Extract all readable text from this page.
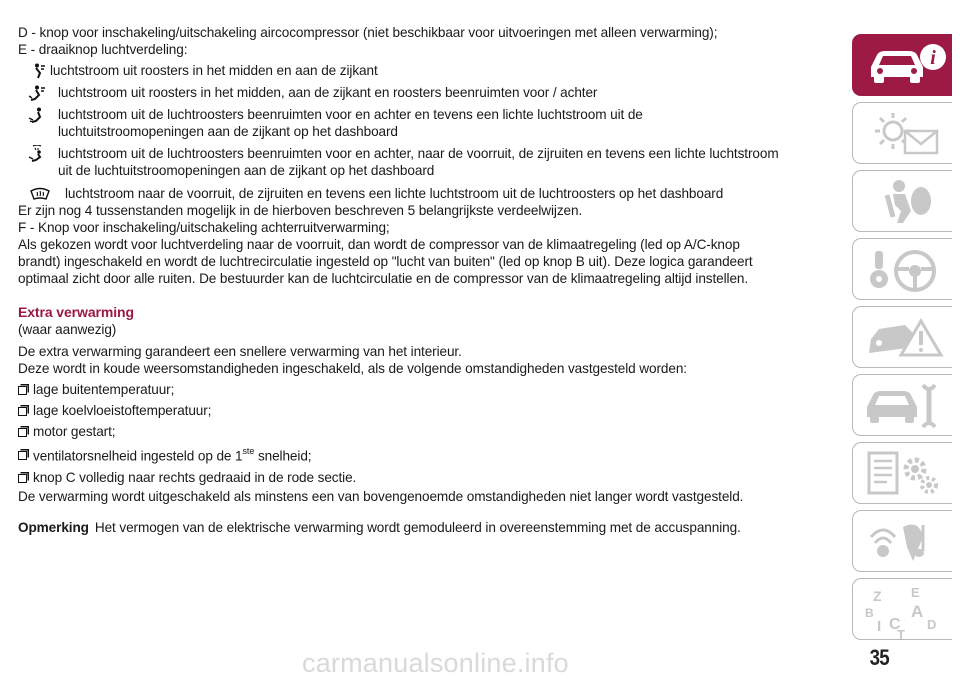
D - knop voor inschakeling/uitschakeling aircocompressor (niet beschikbaar voor uitvoeringen met alleen verwarming);
E - draaiknop luchtverdeling:
luchtstroom uit roosters in het midden en aan de zijkant
luchtstroom uit roosters in het midden, aan de zijkant en roosters beenruimten voor / achter
luchtstroom uit de luchtroosters beenruimten voor en achter en tevens een lichte luchtstroom uit de
luchtuitstroomopeningen aan de zijkant op het dashboard
luchtstroom uit de luchtroosters beenruimten voor en achter, naar de voorruit, de zijruiten en tevens een lichte luchtstroom
uit de luchtuitstroomopeningen aan de zijkant op het dashboard
luchtstroom naar de voorruit, de zijruiten en tevens een lichte luchtstroom uit de luchtroosters op het dashboard
Er zijn nog 4 tussenstanden mogelijk in de hierboven beschreven 5 belangrijkste verdeelwijzen.
F - Knop voor inschakeling/uitschakeling achterruitverwarming;
Als gekozen wordt voor luchtverdeling naar de voorruit, dan wordt de compressor van de klimaatregeling (led op A/C-knop
brandt) ingeschakeld en wordt de luchtrecirculatie ingesteld op "lucht van buiten" (led op knop B uit). Deze logica garandeert
optimaal zicht door alle ruiten. De bestuurder kan de luchtcirculatie en de compressor van de klimaatregeling altijd instellen.
Extra verwarming
(waar aanwezig)
De extra verwarming garandeert een snellere verwarming van het interieur.
Deze wordt in koude weersomstandigheden ingeschakeld, als de volgende omstandigheden vastgesteld worden:
lage buitentemperatuur;
lage koelvloeistoftemperatuur;
motor gestart;
ventilatorsnelheid ingesteld op de 1ste snelheid;
knop C volledig naar rechts gedraaid in de rode sectie.
De verwarming wordt uitgeschakeld als minstens een van bovengenoemde omstandigheden niet langer wordt vastgesteld.
Opmerking Het vermogen van de elektrische verwarming wordt gemoduleerd in overeenstemming met de accuspanning.
i
Z E
B A
I C D
T
carmanualsonline.info	35
